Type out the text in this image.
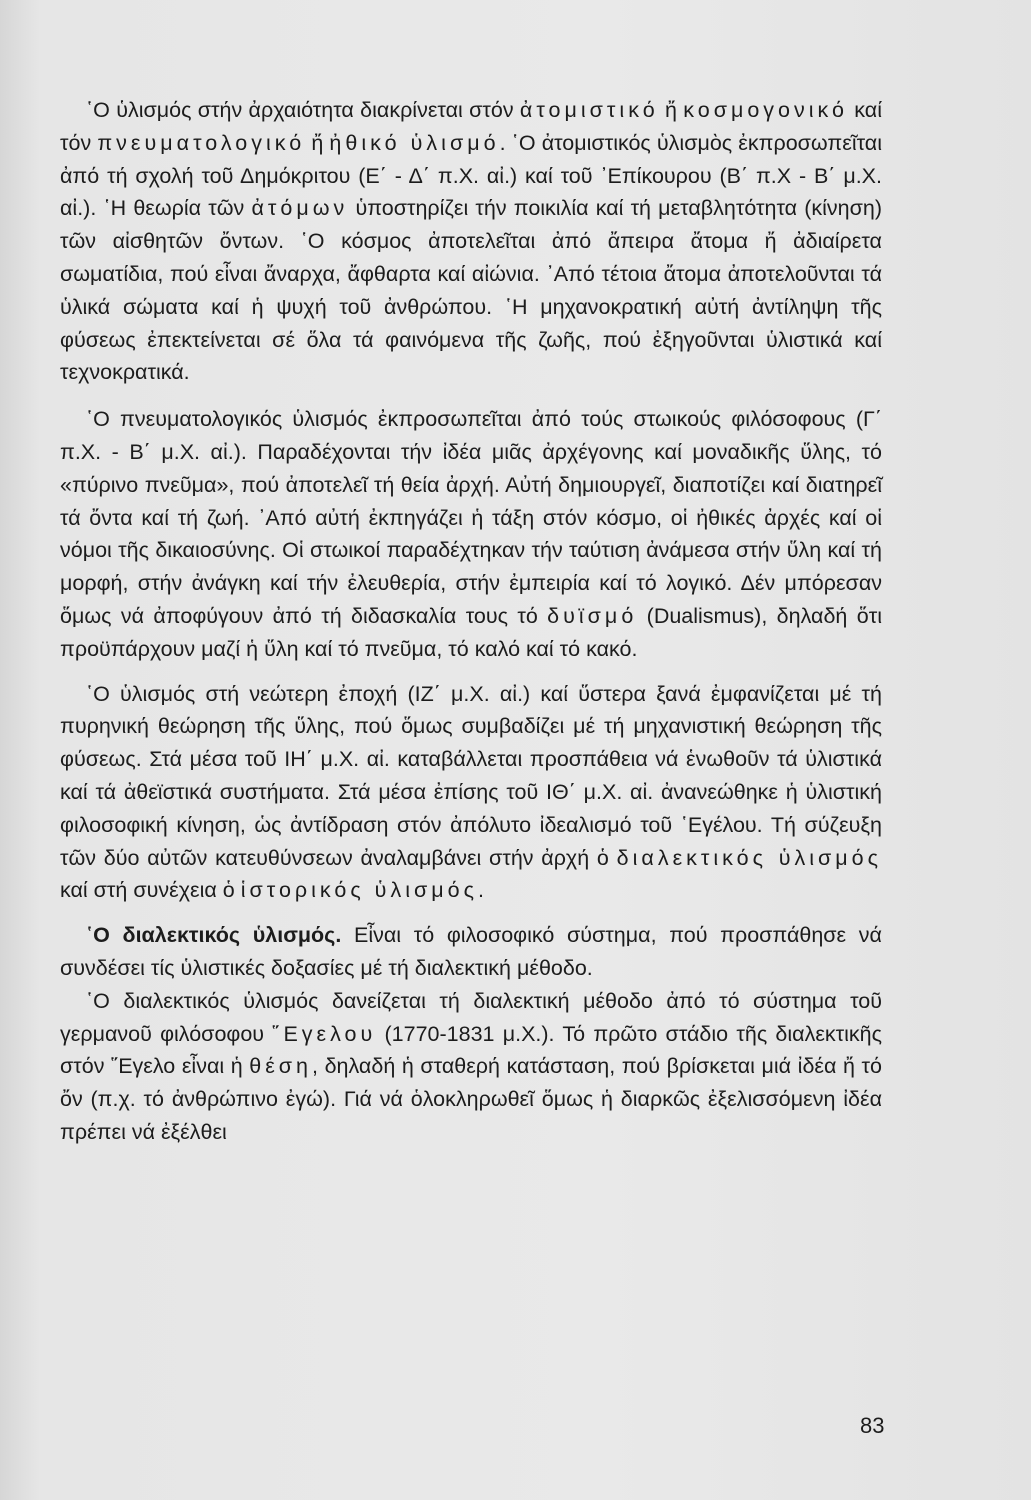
῾Ο ὑλισμός στήν ἀρχαιότητα διακρίνεται στόν ἀτομιστικό ἤ κοσμογονικό καί τόν πνευματολογικό ἤ ἠθικό ὑλισμό. ῾Ο ἀτομιστικός ὑλισμὸς ἐκπροσωπεῖται ἀπό τή σχολή τοῦ Δημόκριτου (Ε΄ - Δ΄ π.Χ. αἰ.) καί τοῦ ᾿Επίκουρου (Β΄ π.Χ - Β΄ μ.Χ. αἰ.). ῾Η θεωρία τῶν ἀτόμων ὑποστηρίζει τήν ποικιλία καί τή μεταβλητότητα (κίνηση) τῶν αἰσθητῶν ὄντων. ῾Ο κόσμος ἀποτελεῖται ἀπό ἄπειρα ἄτομα ἤ ἀδιαίρετα σωματίδια, πού εἶναι ἄναρχα, ἄφθαρτα καί αἰώνια. ᾿Από τέτοια ἄτομα ἀποτελοῦνται τά ὑλικά σώματα καί ἡ ψυχή τοῦ ἀνθρώπου. ῾Η μηχανοκρατική αὐτή ἀντίληψη τῆς φύσεως ἐπεκτείνεται σέ ὅλα τά φαινόμενα τῆς ζωῆς, πού ἐξηγοῦνται ὑλιστικά καί τεχνοκρατικά.

῾Ο πνευματολογικός ὑλισμός ἐκπροσωπεῖται ἀπό τούς στωικούς φιλόσοφους (Γ΄ π.Χ. - Β΄ μ.Χ. αἰ.). Παραδέχονται τήν ἰδέα μιᾶς ἀρχέγονης καί μοναδικῆς ὕλης, τό «πύρινο πνεῦμα», πού ἀποτελεῖ τή θεία ἀρχή. Αὐτή δημιουργεῖ, διαποτίζει καί διατηρεῖ τά ὄντα καί τή ζωή. ᾿Από αὐτή ἐκπηγάζει ἡ τάξη στόν κόσμο, οἱ ἠθικές ἀρχές καί οἱ νόμοι τῆς δικαιοσύνης. Οἱ στωικοί παραδέχτηκαν τήν ταύτιση ἀνάμεσα στήν ὕλη καί τή μορφή, στήν ἀνάγκη καί τήν ἐλευθερία, στήν ἐμπειρία καί τό λογικό. Δέν μπόρεσαν ὅμως νά ἀποφύγουν ἀπό τή διδασκαλία τους τό δυϊσμό (Dualismus), δηλαδή ὅτι προϋπάρχουν μαζί ἡ ὕλη καί τό πνεῦμα, τό καλό καί τό κακό.

῾Ο ὑλισμός στή νεώτερη ἐποχή (ΙΖ΄ μ.Χ. αἰ.) καί ὕστερα ξανά ἐμφανίζεται μέ τή πυρηνική θεώρηση τῆς ὕλης, πού ὅμως συμβαδίζει μέ τή μηχανιστική θεώρηση τῆς φύσεως. Στά μέσα τοῦ ΙΗ΄ μ.Χ. αἰ. καταβάλλεται προσπάθεια νά ἑνωθοῦν τά ὑλιστικά καί τά ἀθεϊστικά συστήματα. Στά μέσα ἐπίσης τοῦ ΙΘ΄ μ.Χ. αἰ. ἀνανεώθηκε ἡ ὑλιστική φιλοσοφική κίνηση, ὡς ἀντίδραση στόν ἀπόλυτο ἰδεαλισμό τοῦ ῾Εγέλου. Τή σύζευξη τῶν δύο αὐτῶν κατευθύνσεων ἀναλαμβάνει στήν ἀρχή ὁ διαλεκτικός ὑλισμός καί στή συνέχεια ὁ ἱστορικός ὑλισμός.

῾Ο διαλεκτικός ὑλισμός. Εἶναι τό φιλοσοφικό σύστημα, πού προσπάθησε νά συνδέσει τίς ὑλιστικές δοξασίες μέ τή διαλεκτική μέθοδο.

῾Ο διαλεκτικός ὑλισμός δανείζεται τή διαλεκτική μέθοδο ἀπό τό σύστημα τοῦ γερμανοῦ φιλόσοφου ῞Εγελου (1770-1831 μ.Χ.). Τό πρῶτο στάδιο τῆς διαλεκτικῆς στόν ῞Εγελο εἶναι ἡ θέση, δηλαδή ἡ σταθερή κατάσταση, πού βρίσκεται μιά ἰδέα ἤ τό ὄν (π.χ. τό ἀνθρώπινο ἐγώ). Γιά νά ὁλοκληρωθεῖ ὅμως ἡ διαρκῶς ἐξελισσόμενη ἰδέα πρέπει νά ἐξέλθει

83
